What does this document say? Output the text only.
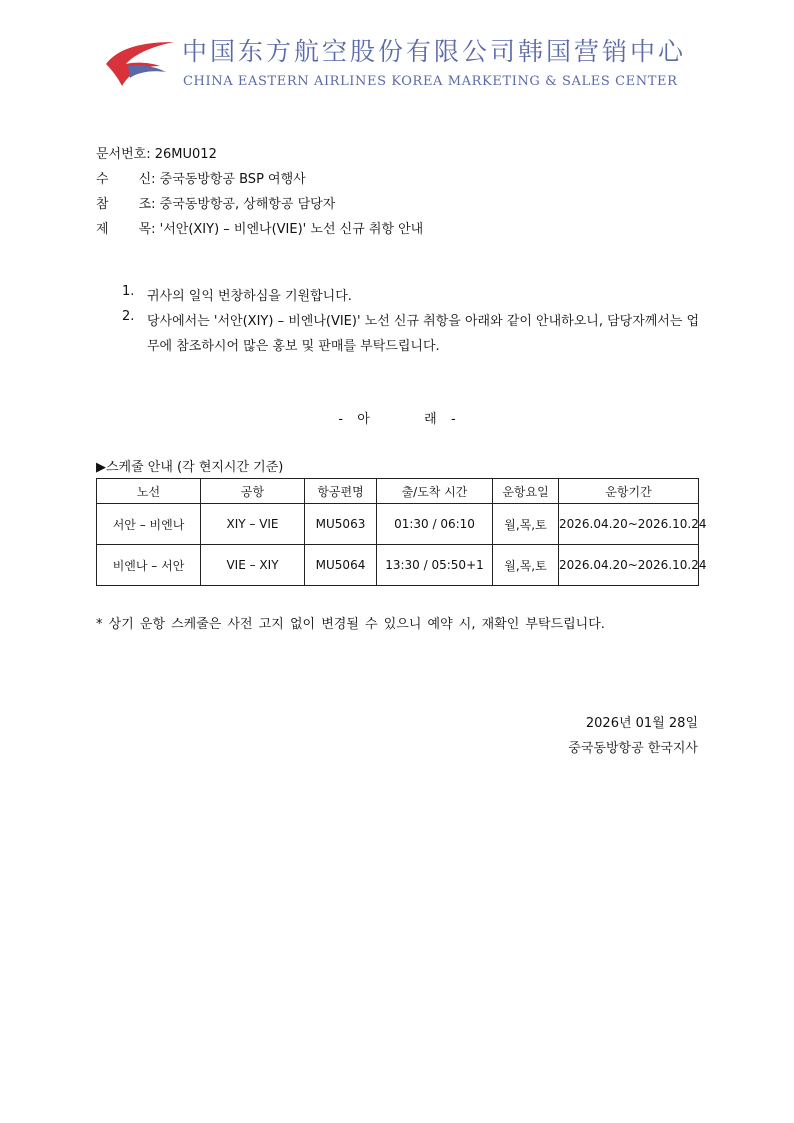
中国东方航空股份有限公司韩国营销中心
CHINA EASTERN AIRLINES KOREA MARKETING & SALES CENTER
문서번호: 26MU012
수 신: 중국동방항공 BSP 여행사
참 조: 중국동방항공, 상해항공 담당자
제 목: '서안(XIY) – 비엔나(VIE)' 노선 신규 취항 안내
1. 귀사의 일익 번창하심을 기원합니다.
2. 당사에서는 '서안(XIY) – 비엔나(VIE)' 노선 신규 취항을 아래와 같이 안내하오니, 담당자께서는 업무에 참조하시어 많은 홍보 및 판매를 부탁드립니다.
- 아	래 -
▶스케줄 안내 (각 현지시간 기준)
노선	공항	항공편명	출/도착 시간	운항요일	운항기간
서안 – 비엔나	XIY – VIE	MU5063	01:30 / 06:10	월,목,토	2026.04.20~2026.10.24
비엔나 – 서안	VIE – XIY	MU5064	13:30 / 05:50+1	월,목,토	2026.04.20~2026.10.24
* 상기 운항 스케줄은 사전 고지 없이 변경될 수 있으니 예약 시, 재확인 부탁드립니다.
2026년 01월 28일
중국동방항공 한국지사
